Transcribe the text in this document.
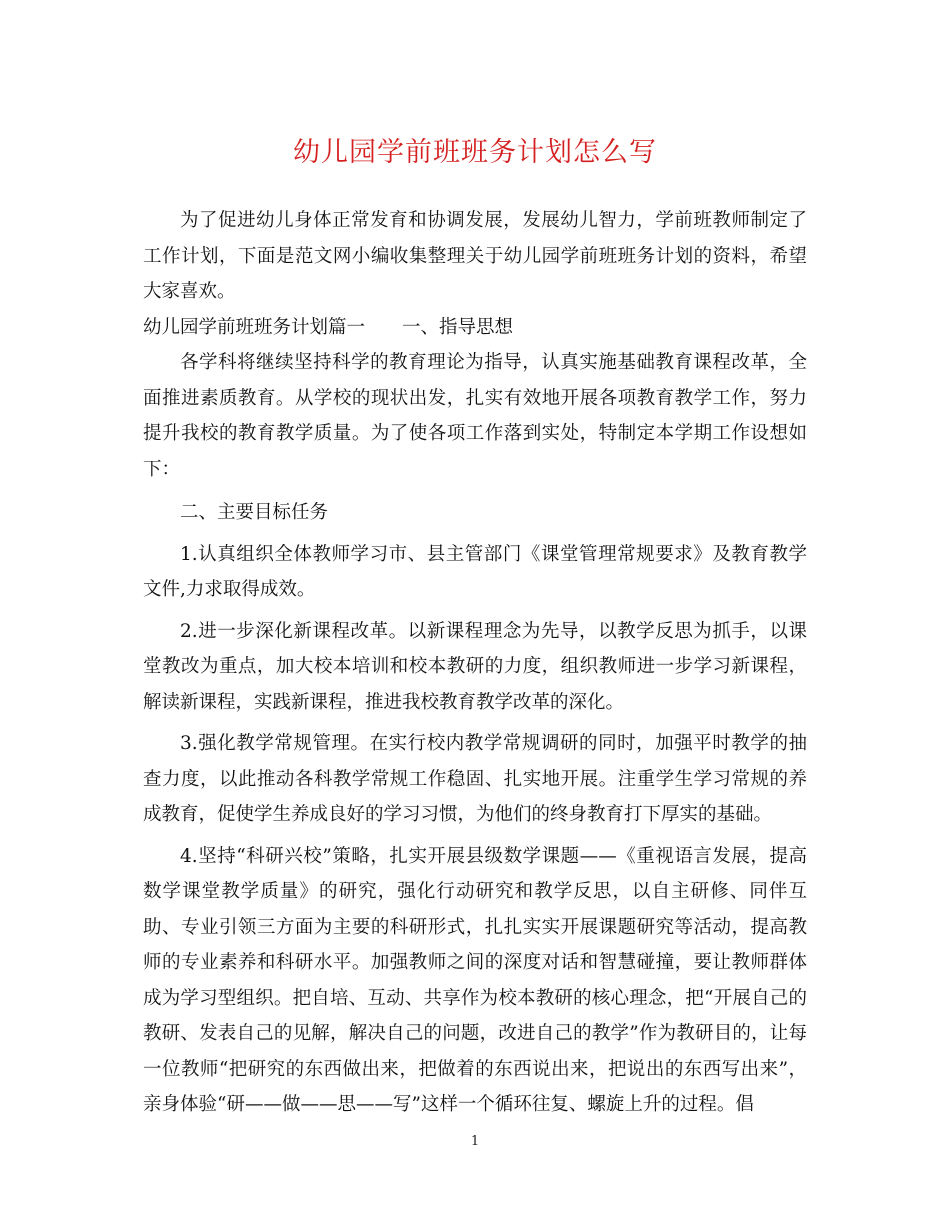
幼儿园学前班班务计划怎么写

为了促进幼儿身体正常发育和协调发展，发展幼儿智力，学前班教师制定了工作计划，下面是范文网小编收集整理关于幼儿园学前班班务计划的资料，希望大家喜欢。

幼儿园学前班班务计划篇一　　一、指导思想

各学科将继续坚持科学的教育理论为指导，认真实施基础教育课程改革，全面推进素质教育。从学校的现状出发，扎实有效地开展各项教育教学工作，努力提升我校的教育教学质量。为了使各项工作落到实处，特制定本学期工作设想如下：

二、主要目标任务

1.认真组织全体教师学习市、县主管部门《课堂管理常规要求》及教育教学文件,力求取得成效。

2.进一步深化新课程改革。以新课程理念为先导，以教学反思为抓手，以课堂教改为重点，加大校本培训和校本教研的力度，组织教师进一步学习新课程，解读新课程，实践新课程，推进我校教育教学改革的深化。

3.强化教学常规管理。在实行校内教学常规调研的同时，加强平时教学的抽查力度，以此推动各科教学常规工作稳固、扎实地开展。注重学生学习常规的养成教育，促使学生养成良好的学习习惯，为他们的终身教育打下厚实的基础。

4.坚持“科研兴校”策略，扎实开展县级数学课题——《重视语言发展，提高数学课堂教学质量》的研究，强化行动研究和教学反思，以自主研修、同伴互助、专业引领三方面为主要的科研形式，扎扎实实开展课题研究等活动，提高教师的专业素养和科研水平。加强教师之间的深度对话和智慧碰撞，要让教师群体成为学习型组织。把自培、互动、共享作为校本教研的核心理念，把“开展自己的教研、发表自己的见解，解决自己的问题，改进自己的教学”作为教研目的，让每一位教师“把研究的东西做出来，把做着的东西说出来，把说出的东西写出来”，亲身体验“研——做——思——写”这样一个循环往复、螺旋上升的过程。倡

1
